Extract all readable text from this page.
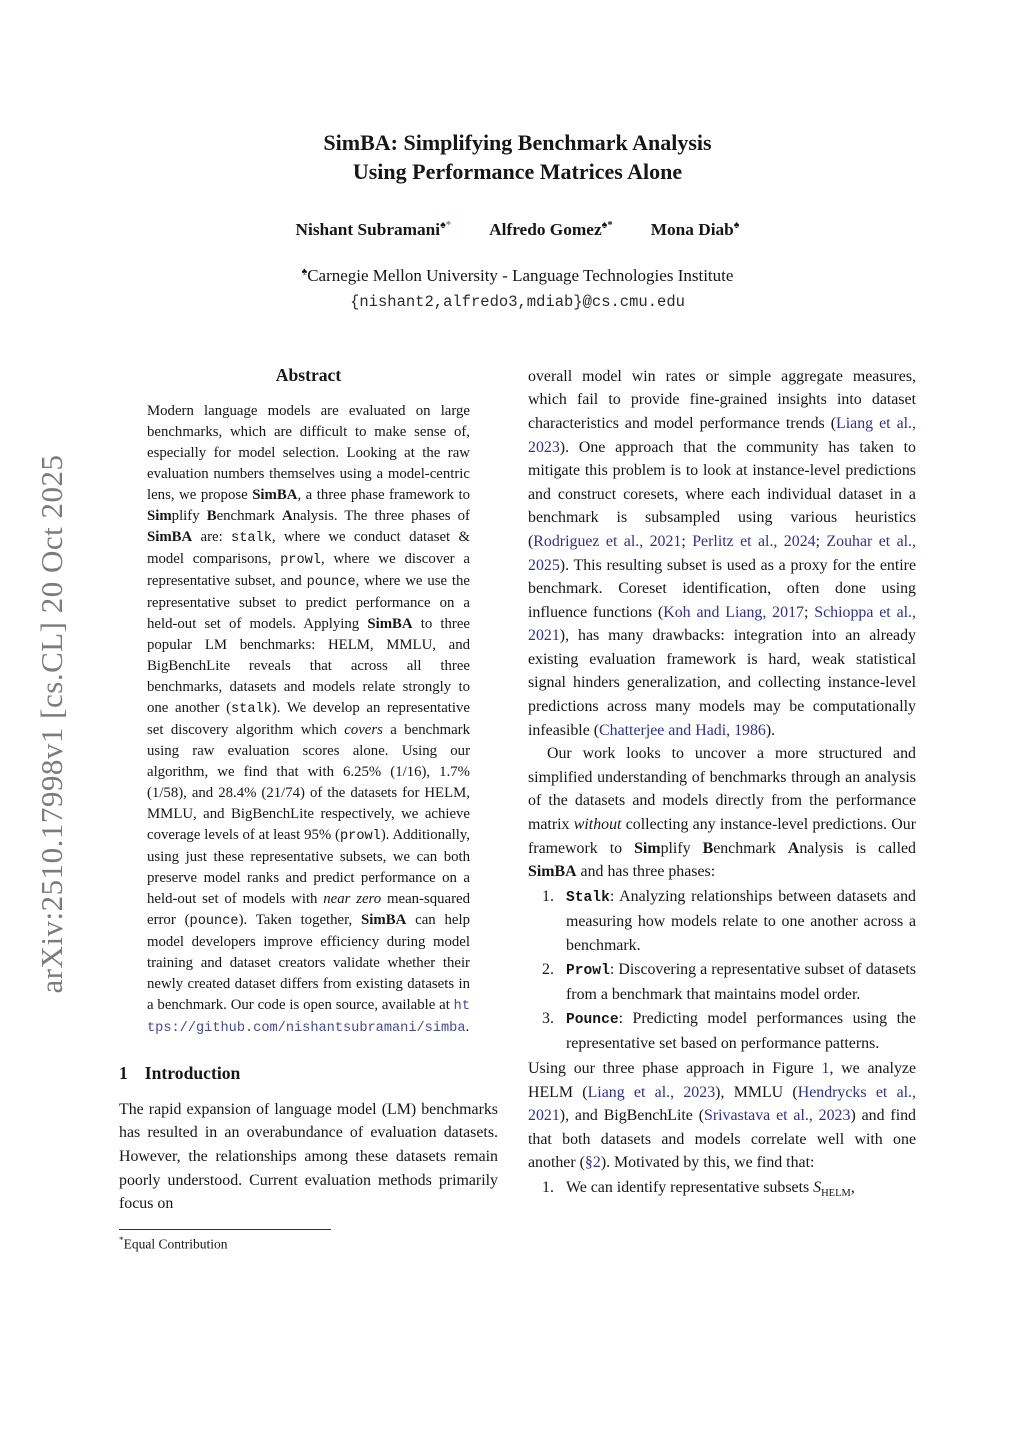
arXiv:2510.17998v1 [cs.CL] 20 Oct 2025
SimBA: Simplifying Benchmark Analysis
Using Performance Matrices Alone
Nishant Subramani♠* Alfredo Gomez♠* Mona Diab♠
♠Carnegie Mellon University - Language Technologies Institute
{nishant2,alfredo3,mdiab}@cs.cmu.edu
Abstract
Modern language models are evaluated on large benchmarks, which are difficult to make sense of, especially for model selection. Looking at the raw evaluation numbers themselves using a model-centric lens, we propose SimBA, a three phase framework to Simplify Benchmark Analysis. The three phases of SimBA are: stalk, where we conduct dataset & model comparisons, prowl, where we discover a representative subset, and pounce, where we use the representative subset to predict performance on a held-out set of models. Applying SimBA to three popular LM benchmarks: HELM, MMLU, and BigBenchLite reveals that across all three benchmarks, datasets and models relate strongly to one another (stalk). We develop an representative set discovery algorithm which covers a benchmark using raw evaluation scores alone. Using our algorithm, we find that with 6.25% (1/16), 1.7% (1/58), and 28.4% (21/74) of the datasets for HELM, MMLU, and BigBenchLite respectively, we achieve coverage levels of at least 95% (prowl). Additionally, using just these representative subsets, we can both preserve model ranks and predict performance on a held-out set of models with near zero mean-squared error (pounce). Taken together, SimBA can help model developers improve efficiency during model training and dataset creators validate whether their newly created dataset differs from existing datasets in a benchmark. Our code is open source, available at https://github.com/nishantsubramani/simba.
1 Introduction
The rapid expansion of language model (LM) benchmarks has resulted in an overabundance of evaluation datasets. However, the relationships among these datasets remain poorly understood. Current evaluation methods primarily focus on
*Equal Contribution
overall model win rates or simple aggregate measures, which fail to provide fine-grained insights into dataset characteristics and model performance trends (Liang et al., 2023). One approach that the community has taken to mitigate this problem is to look at instance-level predictions and construct coresets, where each individual dataset in a benchmark is subsampled using various heuristics (Rodriguez et al., 2021; Perlitz et al., 2024; Zouhar et al., 2025). This resulting subset is used as a proxy for the entire benchmark. Coreset identification, often done using influence functions (Koh and Liang, 2017; Schioppa et al., 2021), has many drawbacks: integration into an already existing evaluation framework is hard, weak statistical signal hinders generalization, and collecting instance-level predictions across many models may be computationally infeasible (Chatterjee and Hadi, 1986).
Our work looks to uncover a more structured and simplified understanding of benchmarks through an analysis of the datasets and models directly from the performance matrix without collecting any instance-level predictions. Our framework to Simplify Benchmark Analysis is called SimBA and has three phases:
1. Stalk: Analyzing relationships between datasets and measuring how models relate to one another across a benchmark.
2. Prowl: Discovering a representative subset of datasets from a benchmark that maintains model order.
3. Pounce: Predicting model performances using the representative set based on performance patterns.
Using our three phase approach in Figure 1, we analyze HELM (Liang et al., 2023), MMLU (Hendrycks et al., 2021), and BigBenchLite (Srivastava et al., 2023) and find that both datasets and models correlate well with one another (§2). Motivated by this, we find that:
1. We can identify representative subsets $S_{HELM}$,
